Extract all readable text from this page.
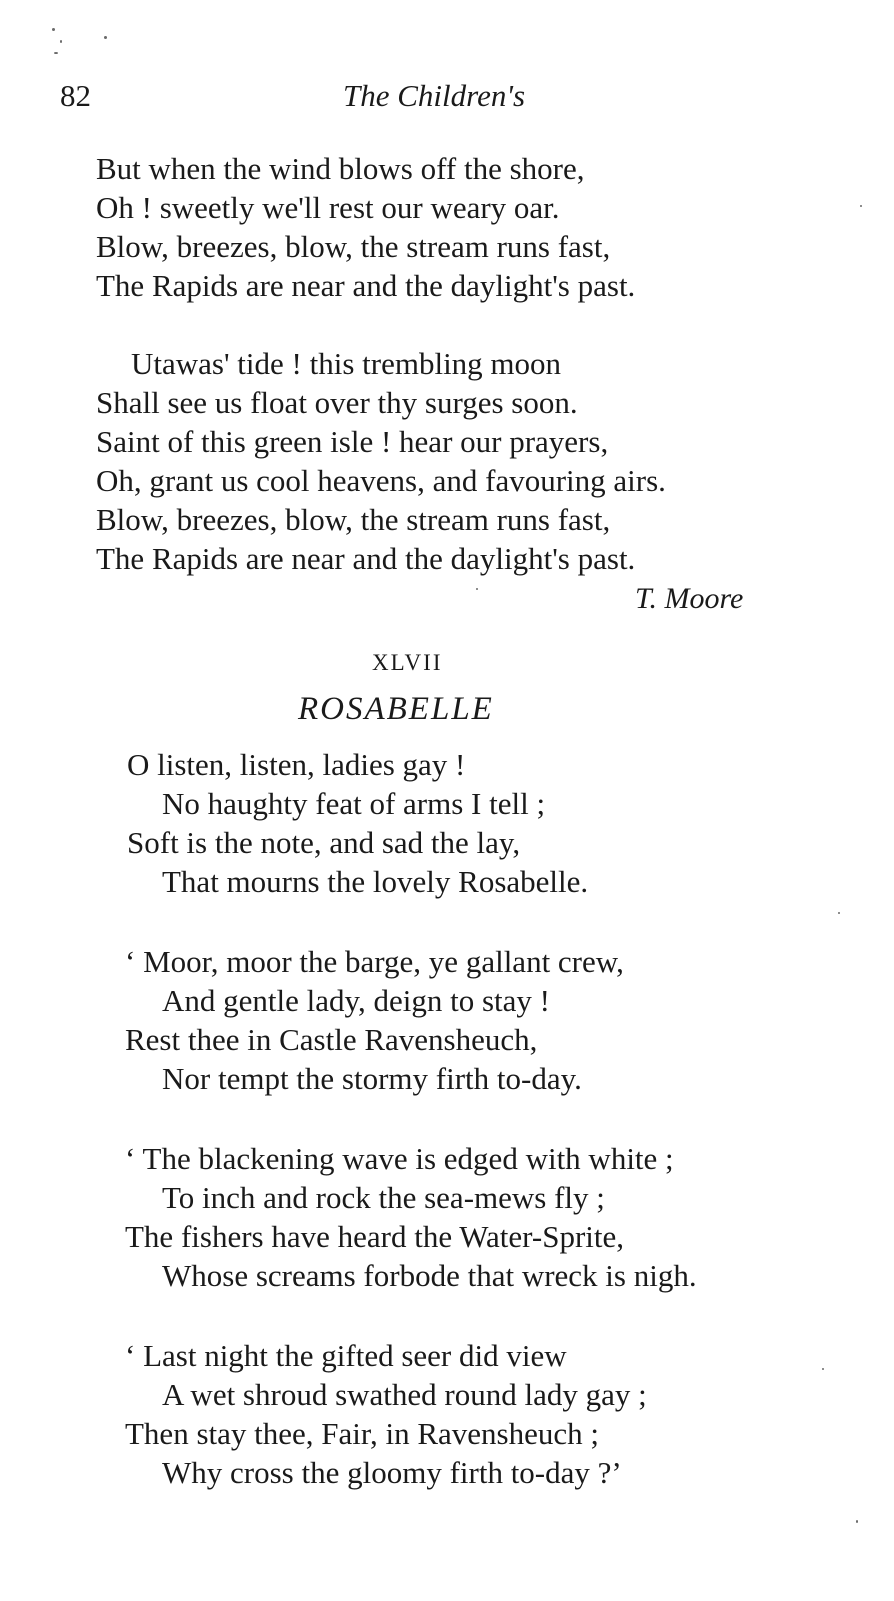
82	The Children's
But when the wind blows off the shore,
Oh ! sweetly we'll rest our weary oar.
Blow, breezes, blow, the stream runs fast,
The Rapids are near and the daylight's past.
Utawas' tide ! this trembling moon
Shall see us float over thy surges soon.
Saint of this green isle ! hear our prayers,
Oh, grant us cool heavens, and favouring airs.
Blow, breezes, blow, the stream runs fast,
The Rapids are near and the daylight's past.
T. Moore
XLVII
ROSABELLE
O listen, listen, ladies gay !
No haughty feat of arms I tell ;
Soft is the note, and sad the lay,
That mourns the lovely Rosabelle.
‘ Moor, moor the barge, ye gallant crew,
And gentle lady, deign to stay !
Rest thee in Castle Ravensheuch,
Nor tempt the stormy firth to-day.
‘ The blackening wave is edged with white ;
To inch and rock the sea-mews fly ;
The fishers have heard the Water-Sprite,
Whose screams forbode that wreck is nigh.
‘ Last night the gifted seer did view
A wet shroud swathed round lady gay ;
Then stay thee, Fair, in Ravensheuch ;
Why cross the gloomy firth to-day ?’
